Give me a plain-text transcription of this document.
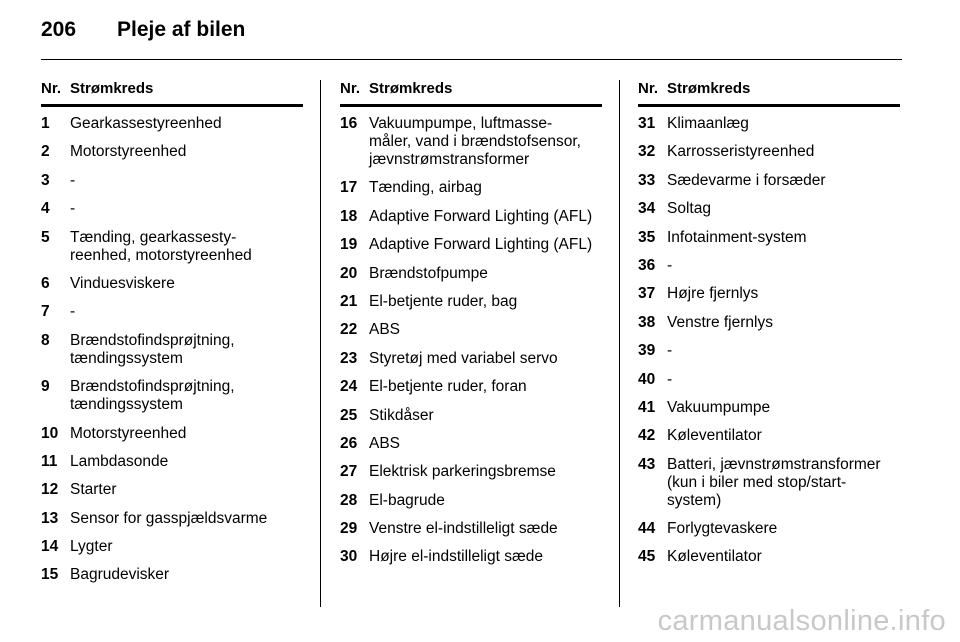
206	Pleje af bilen
Nr. Strømkreds
1	Gearkassestyreenhed
2	Motorstyreenhed
3	-
4	-
5	Tænding, gearkassesty-
reenhed, motorstyreenhed
6	Vinduesviskere
7	-
8	Brændstofindsprøjtning,
tændingssystem
9	Brændstofindsprøjtning,
tændingssystem
10 Motorstyreenhed
11 Lambdasonde
12 Starter
13 Sensor for gasspjældsvarme
14 Lygter
15 Bagrudevisker
Nr. Strømkreds
16 Vakuumpumpe, luftmasse-
måler, vand i brændstofsensor,
jævnstrømstransformer
17 Tænding, airbag
18 Adaptive Forward Lighting (AFL)
19 Adaptive Forward Lighting (AFL)
20 Brændstofpumpe
21 El-betjente ruder, bag
22 ABS
23 Styretøj med variabel servo
24 El-betjente ruder, foran
25 Stikdåser
26 ABS
27 Elektrisk parkeringsbremse
28 El-bagrude
29 Venstre el-indstilleligt sæde
30 Højre el-indstilleligt sæde
Nr. Strømkreds
31 Klimaanlæg
32 Karrosseristyreenhed
33 Sædevarme i forsæder
34 Soltag
35 Infotainment-system
36 -
37 Højre fjernlys
38 Venstre fjernlys
39 -
40 -
41 Vakuumpumpe
42 Køleventilator
43 Batteri, jævnstrømstransformer
(kun i biler med stop/start-
system)
44 Forlygtevaskere
45 Køleventilator
carmanualsonline.info
